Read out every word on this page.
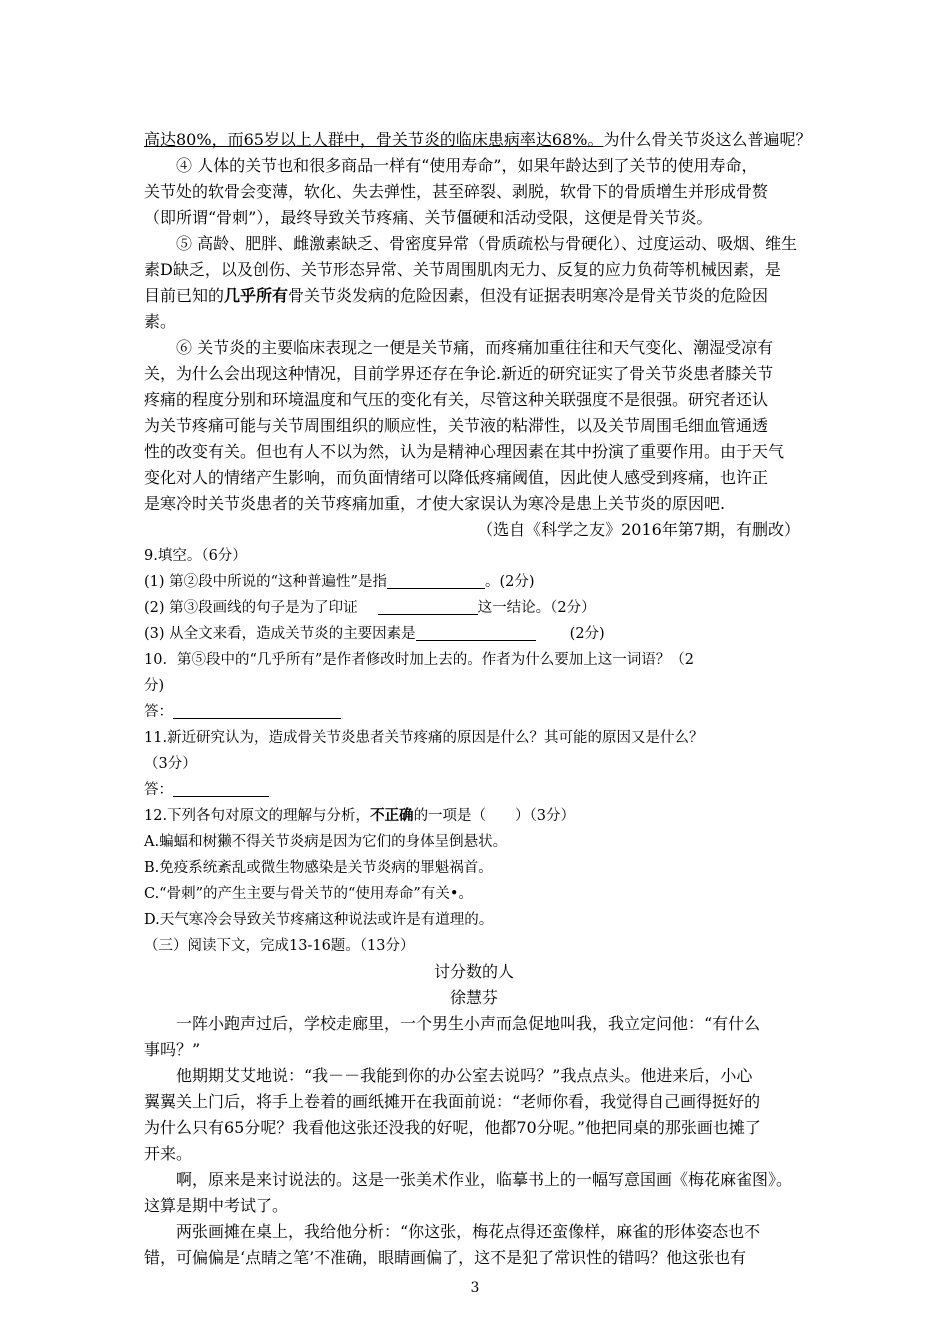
高达80%，而65岁以上人群中，骨关节炎的临床患病率达68%。为什么骨关节炎这么普遍呢？
④ 人体的关节也和很多商品一样有“使用寿命”，如果年龄达到了关节的使用寿命，
关节处的软骨会变薄，软化、失去弹性，甚至碎裂、剥脱，软骨下的骨质增生并形成骨赘
（即所谓“骨刺”），最终导致关节疼痛、关节僵硬和活动受限，这便是骨关节炎。
⑤ 高龄、肥胖、雌激素缺乏、骨密度异常（骨质疏松与骨硬化）、过度运动、吸烟、维生
素D缺乏，以及创伤、关节形态异常、关节周围肌肉无力、反复的应力负荷等机械因素，是
目前已知的几乎所有骨关节炎发病的危险因素，但没有证据表明寒冷是骨关节炎的危险因
素。
⑥ 关节炎的主要临床表现之一便是关节痛，而疼痛加重往往和天气变化、潮湿受凉有
关，为什么会出现这种情况，目前学界还存在争论.新近的研究证实了骨关节炎患者膝关节
疼痛的程度分别和环境温度和气压的变化有关，尽管这种关联强度不是很强。研究者还认
为关节疼痛可能与关节周围组织的顺应性，关节液的粘滞性，以及关节周围毛细血管通透
性的改变有关。但也有人不以为然，认为是精神心理因素在其中扮演了重要作用。由于天气
变化对人的情绪产生影响，而负面情绪可以降低疼痛阈值，因此使人感受到疼痛，也许正
是寒冷时关节炎患者的关节疼痛加重，才使大家误认为寒冷是患上关节炎的原因吧.
（选自《科学之友》2016年第7期，有删改）
9.填空。（6分）
(1) 第②段中所说的“这种普遍性”是指	。(2分)
(2) 第③段画线的句子是为了印证	这一结论。（2分）
(3) 从全文来看，造成关节炎的主要因素是	(2分)
10．第⑤段中的“几乎所有”是作者修改时加上去的。作者为什么要加上这一词语？（2
分)
答：
11.新近研究认为，造成骨关节炎患者关节疼痛的原因是什么？其可能的原因又是什么？
（3分）
答：
12.下列各句对原文的理解与分析，不正确的一项是（　　）（3分）
A.蝙蝠和树獭不得关节炎病是因为它们的身体呈倒悬状。
B.免疫系统紊乱或微生物感染是关节炎病的罪魁祸首。
C.“骨刺”的产生主要与骨关节的“使用寿命”有关•。
D.天气寒冷会导致关节疼痛这种说法或许是有道理的。
（三）阅读下文，完成13-16题。（13分）
讨分数的人
徐慧芬
一阵小跑声过后，学校走廊里，一个男生小声而急促地叫我，我立定问他：“有什么
事吗？”
他期期艾艾地说：“我－－我能到你的办公室去说吗？”我点点头。他进来后，小心
翼翼关上门后，将手上卷着的画纸摊开在我面前说：“老师你看，我觉得自己画得挺好的
为什么只有65分呢？我看他这张还没我的好呢，他都70分呢。”他把同桌的那张画也摊了
开来。
啊，原来是来讨说法的。这是一张美术作业，临摹书上的一幅写意国画《梅花麻雀图》。
这算是期中考试了。
两张画摊在桌上，我给他分析：“你这张，梅花点得还蛮像样，麻雀的形体姿态也不
错，可偏偏是‘点睛之笔’不准确，眼睛画偏了，这不是犯了常识性的错吗？他这张也有
3
